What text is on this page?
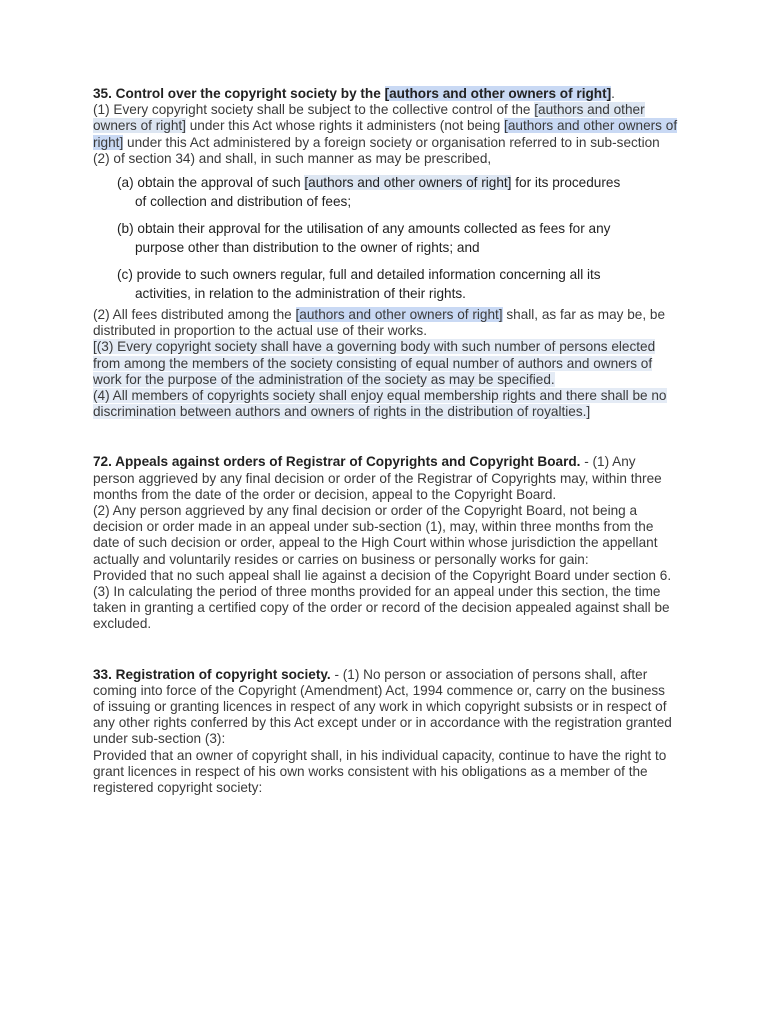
35. Control over the copyright society by the [authors and other owners of right].

(1) Every copyright society shall be subject to the collective control of the [authors and other owners of right] under this Act whose rights it administers (not being [authors and other owners of right] under this Act administered by a foreign society or organisation referred to in sub-section (2) of section 34) and shall, in such manner as may be prescribed,

(a) obtain the approval of such [authors and other owners of right] for its procedures
of collection and distribution of fees;
(b) obtain their approval for the utilisation of any amounts collected as fees for any
purpose other than distribution to the owner of rights; and
(c) provide to such owners regular, full and detailed information concerning all its
activities, in relation to the administration of their rights.

(2) All fees distributed among the [authors and other owners of right] shall, as far as may be, be distributed in proportion to the actual use of their works.

[(3) Every copyright society shall have a governing body with such number of persons elected from among the members of the society consisting of equal number of authors and owners of work for the purpose of the administration of the society as may be specified.

(4) All members of copyrights society shall enjoy equal membership rights and there shall be no discrimination between authors and owners of rights in the distribution of royalties.]

72. Appeals against orders of Registrar of Copyrights and Copyright Board. - (1) Any person aggrieved by any final decision or order of the Registrar of Copyrights may, within three months from the date of the order or decision, appeal to the Copyright Board.

(2) Any person aggrieved by any final decision or order of the Copyright Board, not being a decision or order made in an appeal under sub-section (1), may, within three months from the date of such decision or order, appeal to the High Court within whose jurisdiction the appellant actually and voluntarily resides or carries on business or personally works for gain:

Provided that no such appeal shall lie against a decision of the Copyright Board under section 6.

(3) In calculating the period of three months provided for an appeal under this section, the time taken in granting a certified copy of the order or record of the decision appealed against shall be excluded.

33. Registration of copyright society. - (1) No person or association of persons shall, after coming into force of the Copyright (Amendment) Act, 1994 commence or, carry on the business of issuing or granting licences in respect of any work in which copyright subsists or in respect of any other rights conferred by this Act except under or in accordance with the registration granted under sub-section (3):

Provided that an owner of copyright shall, in his individual capacity, continue to have the right to grant licences in respect of his own works consistent with his obligations as a member of the registered copyright society:
